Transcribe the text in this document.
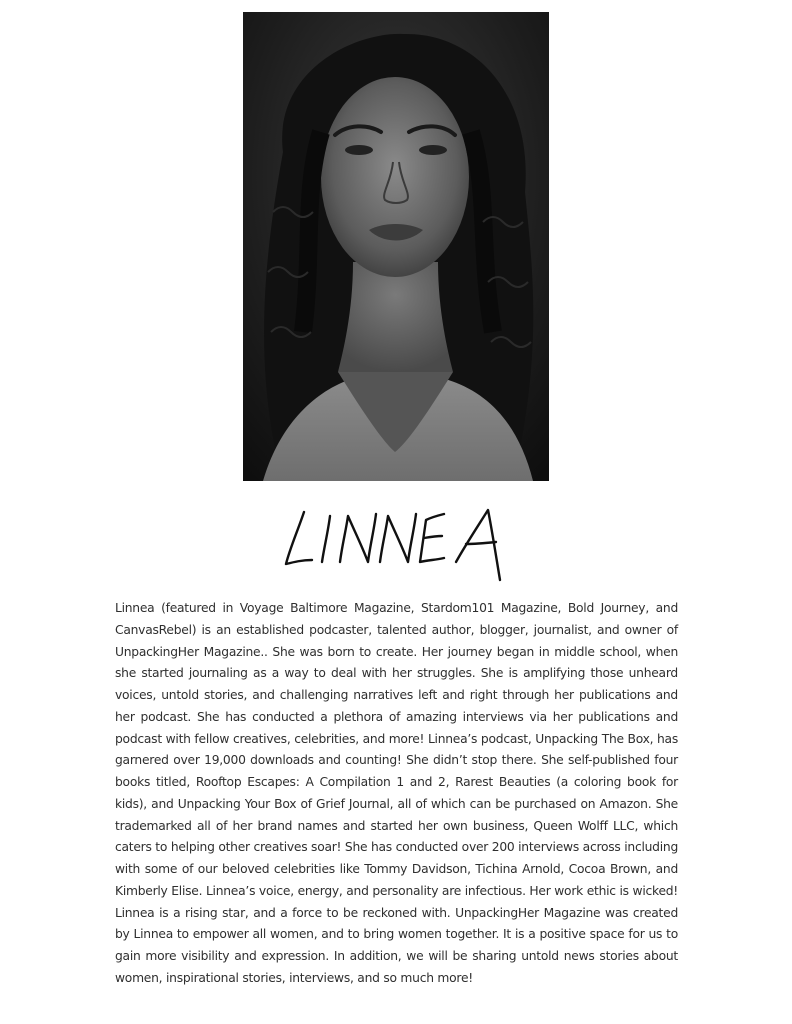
Linnea (featured in Voyage Baltimore Magazine, Stardom101 Magazine, Bold Journey, and CanvasRebel) is an established podcaster, talented author, blogger, journalist, and owner of UnpackingHer Magazine.. She was born to create. Her journey began in middle school, when she started journaling as a way to deal with her struggles. She is amplifying those unheard voices, untold stories, and challenging narratives left and right through her publications and her podcast. She has conducted a plethora of amazing interviews via her publications and podcast with fellow creatives, celebrities, and more! Linnea’s podcast, Unpacking The Box, has garnered over 19,000 downloads and counting! She didn’t stop there. She self-published four books titled, Rooftop Escapes: A Compilation 1 and 2, Rarest Beauties (a coloring book for kids), and Unpacking Your Box of Grief Journal, all of which can be purchased on Amazon. She trademarked all of her brand names and started her own business, Queen Wolff LLC, which caters to helping other creatives soar! She has conducted over 200 interviews across including with some of our beloved celebrities like Tommy Davidson, Tichina Arnold, Cocoa Brown, and Kimberly Elise. Linnea’s voice, energy, and personality are infectious. Her work ethic is wicked! Linnea is a rising star, and a force to be reckoned with. UnpackingHer Magazine was created by Linnea to empower all women, and to bring women together. It is a positive space for us to gain more visibility and expression. In addition, we will be sharing untold news stories about women, inspirational stories, interviews, and so much more!
